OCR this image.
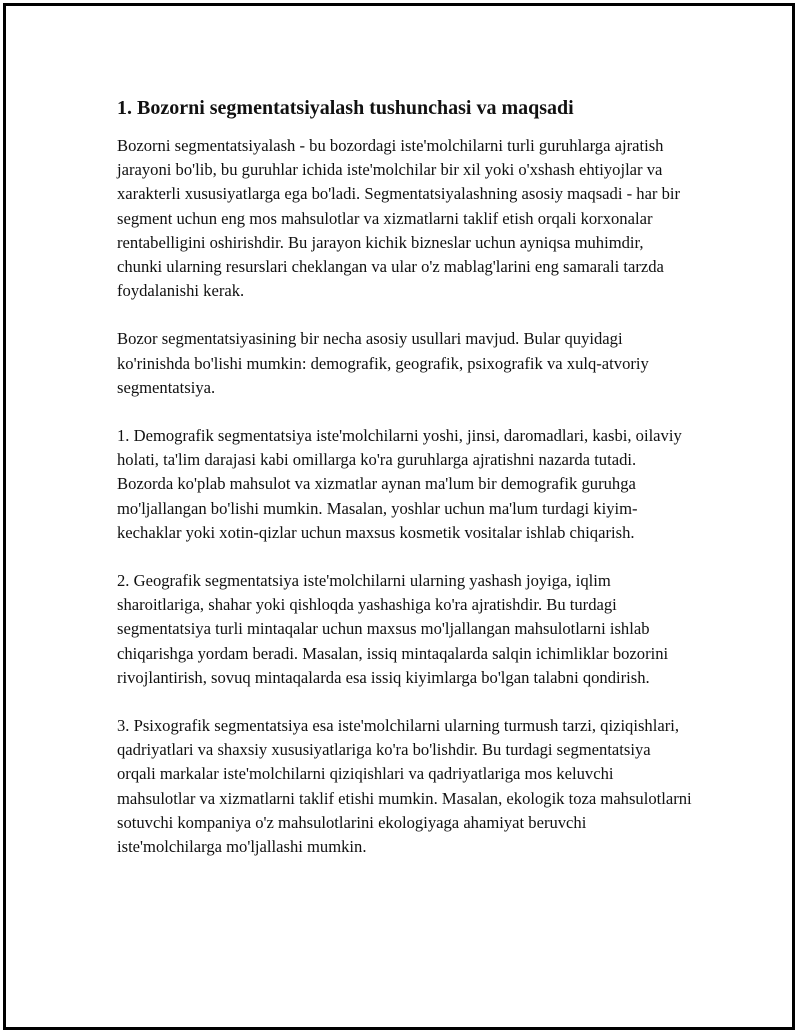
1. Bozorni segmentatsiyalash tushunchasi va maqsadi

Bozorni segmentatsiyalash - bu bozordagi iste'molchilarni turli guruhlarga ajratish jarayoni bo'lib, bu guruhlar ichida iste'molchilar bir xil yoki o'xshash ehtiyojlar va xarakterli xususiyatlarga ega bo'ladi. Segmentatsiyalashning asosiy maqsadi - har bir segment uchun eng mos mahsulotlar va xizmatlarni taklif etish orqali korxonalar rentabelligini oshirishdir. Bu jarayon kichik bizneslar uchun ayniqsa muhimdir, chunki ularning resurslari cheklangan va ular o'z mablag'larini eng samarali tarzda foydalanishi kerak.

Bozor segmentatsiyasining bir necha asosiy usullari mavjud. Bular quyidagi ko'rinishda bo'lishi mumkin: demografik, geografik, psixografik va xulq-atvoriy segmentatsiya.

1. Demografik segmentatsiya iste'molchilarni yoshi, jinsi, daromadlari, kasbi, oilaviy holati, ta'lim darajasi kabi omillarga ko'ra guruhlarga ajratishni nazarda tutadi. Bozorda ko'plab mahsulot va xizmatlar aynan ma'lum bir demografik guruhga mo'ljallangan bo'lishi mumkin. Masalan, yoshlar uchun ma'lum turdagi kiyim-kechaklar yoki xotin-qizlar uchun maxsus kosmetik vositalar ishlab chiqarish.

2. Geografik segmentatsiya iste'molchilarni ularning yashash joyiga, iqlim sharoitlariga, shahar yoki qishloqda yashashiga ko'ra ajratishdir. Bu turdagi segmentatsiya turli mintaqalar uchun maxsus mo'ljallangan mahsulotlarni ishlab chiqarishga yordam beradi. Masalan, issiq mintaqalarda salqin ichimliklar bozorini rivojlantirish, sovuq mintaqalarda esa issiq kiyimlarga bo'lgan talabni qondirish.

3. Psixografik segmentatsiya esa iste'molchilarni ularning turmush tarzi, qiziqishlari, qadriyatlari va shaxsiy xususiyatlariga ko'ra bo'lishdir. Bu turdagi segmentatsiya orqali markalar iste'molchilarni qiziqishlari va qadriyatlariga mos keluvchi mahsulotlar va xizmatlarni taklif etishi mumkin. Masalan, ekologik toza mahsulotlarni sotuvchi kompaniya o'z mahsulotlarini ekologiyaga ahamiyat beruvchi iste'molchilarga mo'ljallashi mumkin.
